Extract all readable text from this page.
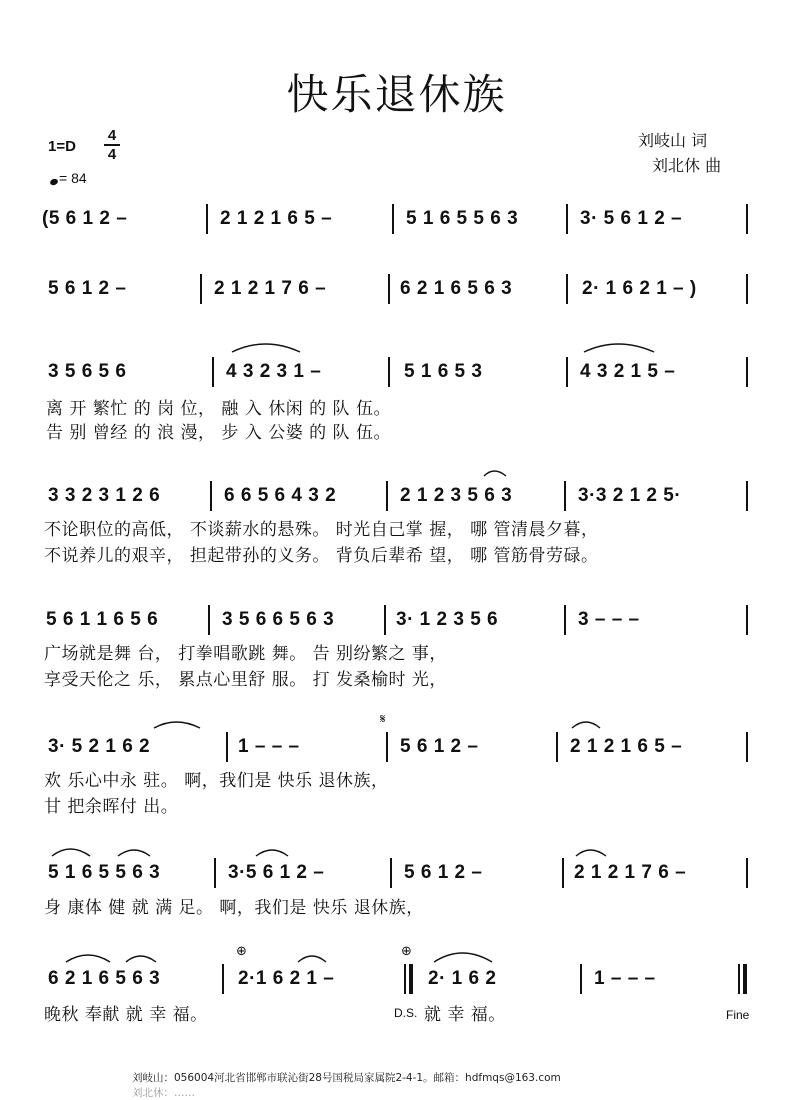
快乐退休族
1=D
4
4
= 84
刘岐山 词
刘北休 曲
(5 6 1 2 –	2 1 2 1 6 5 –	5 1 6 5 5 6 3	3· 5 6 1 2 –
5 6 1 2 –	2 1 2 1 7 6 –	6 2 1 6 5 6 3	2· 1 6 2 1 – )
3 5 6 5 6	4 3 2 3 1 –	5 1 6 5 3	4 3 2 1 5 –
离 开 繁忙 的 岗 位， 融 入 休闲 的 队 伍。
告 别 曾经 的 浪 漫， 步 入 公婆 的 队 伍。
3 3 2 3 1 2 6	6 6 5 6 4 3 2	2 1 2 3 5 6 3	3·3 2 1 2 5·
不论职位的高低， 不谈薪水的悬殊。 时光自己掌 握， 哪 管清晨夕暮，
不说养儿的艰辛， 担起带孙的义务。 背负后辈希 望， 哪 管筋骨劳碌。
5 6 1 1 6 5 6	3 5 6 6 5 6 3	3· 1 2 3 5 6	3 – – –
广场就是舞 台， 打拳唱歌跳 舞。 告 别纷繁之 事，
享受天伦之 乐， 累点心里舒 服。 打 发桑榆时 光，
3· 5 2 1 6 2	1 – – –	5 6 1 2 –	2 1 2 1 6 5 –
𝄋
欢 乐心中永 驻。 啊，我们是 快乐 退休族，
甘 把余晖付 出。
5 1 6 5 5 6 3	3·5 6 1 2 –	5 6 1 2 –	2 1 2 1 7 6 –
身 康体 健 就 满 足。 啊，我们是 快乐 退休族，
6 2 1 6 5 6 3	2·1 6 2 1 –	2· 1 6 2	1 – – –
⊕	⊕
晚秋 奉献 就 幸 福。	D.S. 就 幸 福。	Fine
刘岐山：056004河北省邯郸市联沁街28号国税局家属院2-4-1。邮箱：hdfmqs@163.com
刘北休：……
